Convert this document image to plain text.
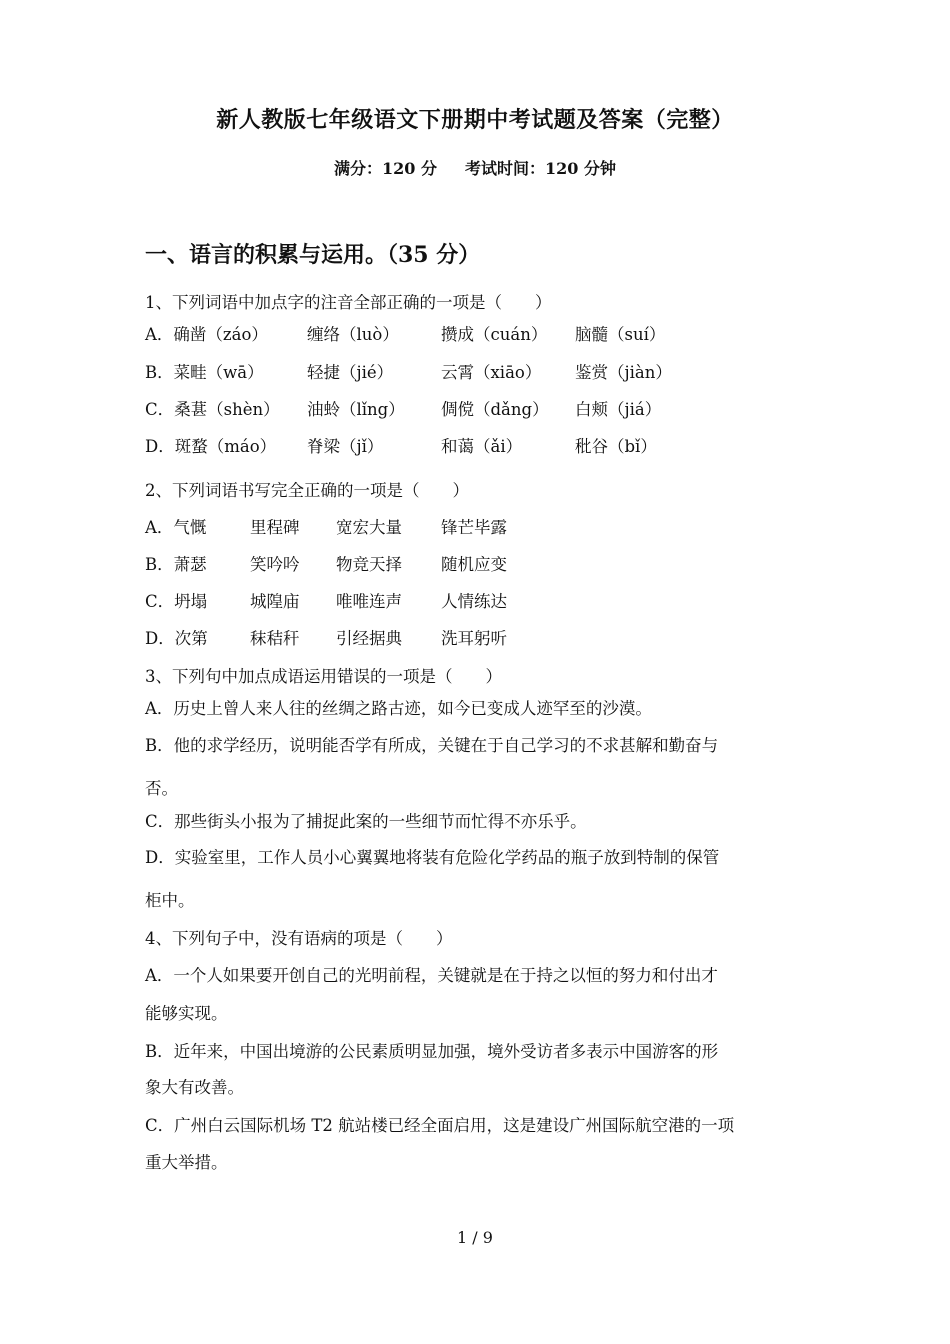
新人教版七年级语文下册期中考试题及答案（完整）
满分：120 分 考试时间：120 分钟
一、语言的积累与运用。（35 分）
1、下列词语中加点字的注音全部正确的一项是（　　）
A．确凿（záo） 缠络（luò）	攒成（cuán） 脑髓（suí）
B．菜畦（wā）	轻捷（jié）	云霄（xiāo） 鉴赏（jiàn）
C．桑葚（shèn） 油蛉（lǐng） 倜傥（dǎng） 白颊（jiá）
D．斑蝥（máo） 脊梁（jǐ）	和蔼（ǎi）	秕谷（bǐ）
2、下列词语书写完全正确的一项是（　　）
A．气慨	里程碑 宽宏大量 锋芒毕露
B．萧瑟	笑吟吟 物竞天择 随机应变
C．坍塌	城隍庙 唯唯连声 人情练达
D．次第	秣秸秆 引经据典 洗耳躬听
3、下列句中加点成语运用错误的一项是（　　）
A．历史上曾人来人往的丝绸之路古迹，如今已变成人迹罕至的沙漠。
B．他的求学经历，说明能否学有所成，关键在于自己学习的不求甚解和勤奋与
否。
C．那些街头小报为了捕捉此案的一些细节而忙得不亦乐乎。
D．实验室里，工作人员小心翼翼地将装有危险化学药品的瓶子放到特制的保管
柜中。
4、下列句子中，没有语病的项是（　　）
A．一个人如果要开创自己的光明前程，关键就是在于持之以恒的努力和付出才
能够实现。
B．近年来，中国出境游的公民素质明显加强，境外受访者多表示中国游客的形
象大有改善。
C．广州白云国际机场 T2 航站楼已经全面启用，这是建设广州国际航空港的一项
重大举措。
1 / 9
